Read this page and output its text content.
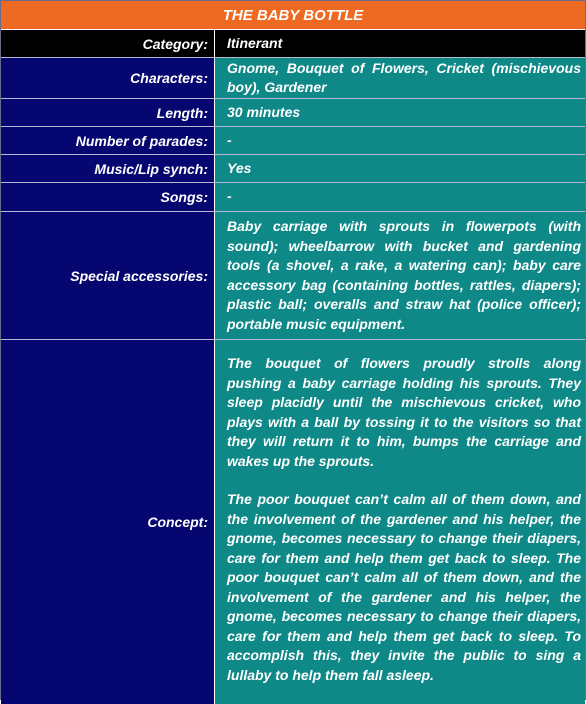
THE BABY BOTTLE
Category:	Itinerant
Characters:
Gnome, Bouquet of Flowers, Cricket (mischievous boy), Gardener
Length:	30 minutes
Number of parades:	-
Music/Lip synch:	Yes
Songs:	-
Special accessories:
Baby carriage with sprouts in flowerpots (with sound); wheelbarrow with bucket and gardening tools (a shovel, a rake, a watering can); baby care accessory bag (containing bottles, rattles, diapers); plastic ball; overalls and straw hat (police officer); portable music equipment.
Concept:

The bouquet of flowers proudly strolls along pushing a baby carriage holding his sprouts. They sleep placidly until the mischievous cricket, who plays with a ball by tossing it to the visitors so that they will return it to him, bumps the carriage and wakes up the sprouts.

The poor bouquet can’t calm all of them down, and the involvement of the gardener and his helper, the gnome, becomes necessary to change their diapers, care for them and help them get back to sleep. The poor bouquet can’t calm all of them down, and the involvement of the gardener and his helper, the gnome, becomes necessary to change their diapers, care for them and help them get back to sleep. To accomplish this, they invite the public to sing a lullaby to help them fall asleep.
